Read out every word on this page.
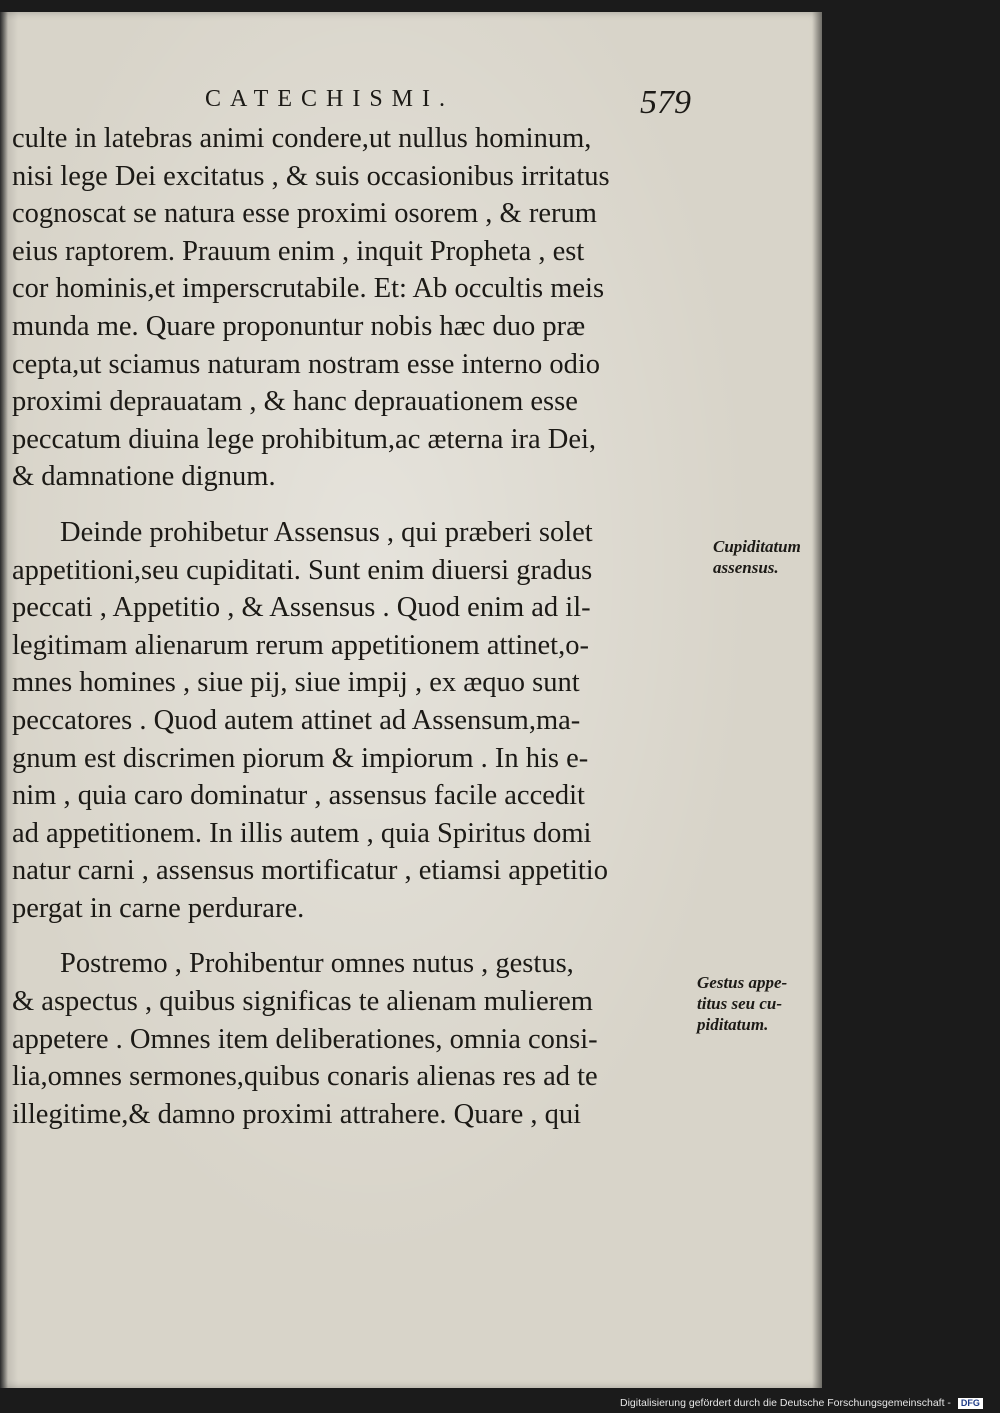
CATECHISMI.	579
culte in latebras animi condere,ut nullus hominum,
nisi lege Dei excitatus , & suis occasionibus irritatus
cognoscat se natura esse proximi osorem , & rerum
eius raptorem. Prauum enim , inquit Propheta , est
cor hominis,et imperscrutabile. Et: Ab occultis meis
munda me. Quare proponuntur nobis hæc duo præ
cepta,ut sciamus naturam nostram esse interno odio
proximi deprauatam , & hanc deprauationem esse
peccatum diuina lege prohibitum,ac æterna ira Dei,
& damnatione dignum.
Deinde prohibetur Assensus , qui præberi solet
appetitioni,seu cupiditati. Sunt enim diuersi gradus
peccati , Appetitio , & Assensus . Quod enim ad il-
legitimam alienarum rerum appetitionem attinet,o-
mnes homines , siue pij, siue impij , ex æquo sunt
peccatores . Quod autem attinet ad Assensum,ma-
gnum est discrimen piorum & impiorum . In his e-
nim , quia caro dominatur , assensus facile accedit
ad appetitionem. In illis autem , quia Spiritus domi
natur carni , assensus mortificatur , etiamsi appetitio
pergat in carne perdurare.
Postremo , Prohibentur omnes nutus , gestus,
& aspectus , quibus significas te alienam mulierem
appetere . Omnes item deliberationes, omnia consi-
lia,omnes sermones,quibus conaris alienas res ad te
illegitime,& damno proximi attrahere. Quare , qui
Cupiditatum
assensus.
Gestus appe-
titus seu cu-
piditatum.
Digitalisierung gefördert durch die Deutsche Forschungsgemeinschaft - DFG
